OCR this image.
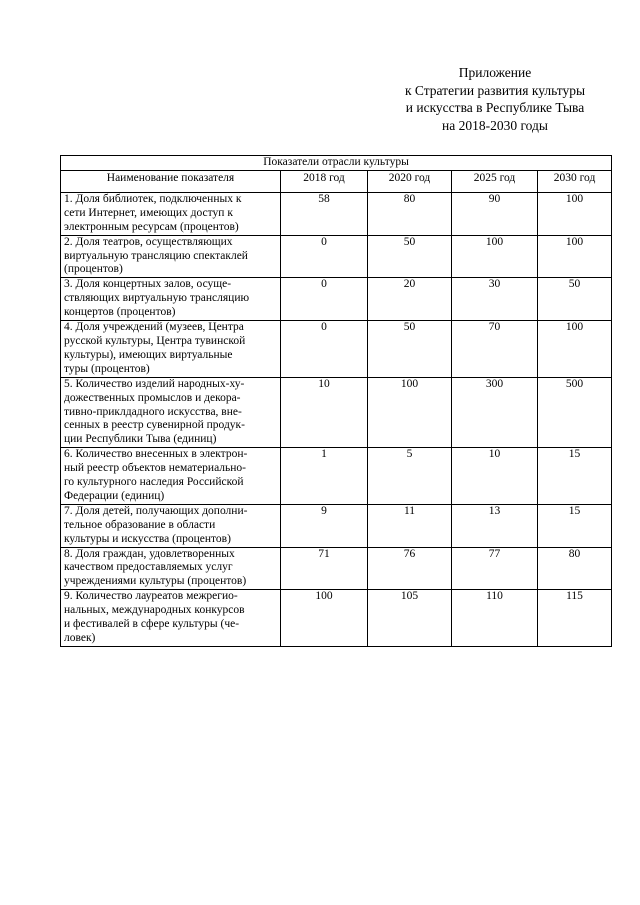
Приложение
к Стратегии развития культуры
и искусства в Республике Тыва
на 2018-2030 годы
Показатели отрасли культуры				
Наименование показателя	2018 год	2020 год	2025 год	2030 год

1. Доля библиотек, подключенных к
сети Интернет, имеющих доступ к
электронным ресурсам (процентов)	58	80	90	100

2. Доля театров, осуществляющих
виртуальную трансляцию спектаклей
(процентов)	0	50	100	100

3. Доля концертных залов, осуще-
ствляющих виртуальную трансляцию
концертов (процентов)	0	20	30	50

4. Доля учреждений (музеев, Центра
русской культуры, Центра тувинской
культуры), имеющих виртуальные
туры (процентов)	0	50	70	100

5. Количество изделий народных-ху-
дожественных промыслов и декора-
тивно-приклдадного искусства, вне-
сенных в реестр сувенирной продук-
ции Республики Тыва (единиц)	10	100	300	500

6. Количество внесенных в электрон-
ный реестр объектов нематериально-
го культурного наследия Российской
Федерации (единиц)	1	5	10	15

7. Доля детей, получающих дополни-
тельное образование в области
культуры и искусства (процентов)	9	11	13	15

8. Доля граждан, удовлетворенных
качеством предоставляемых услуг
учреждениями культуры (процентов)	71	76	77	80

9. Количество лауреатов межрегио-
нальных, международных конкурсов
и фестивалей в сфере культуры (че-
ловек)	100	105	110	115
